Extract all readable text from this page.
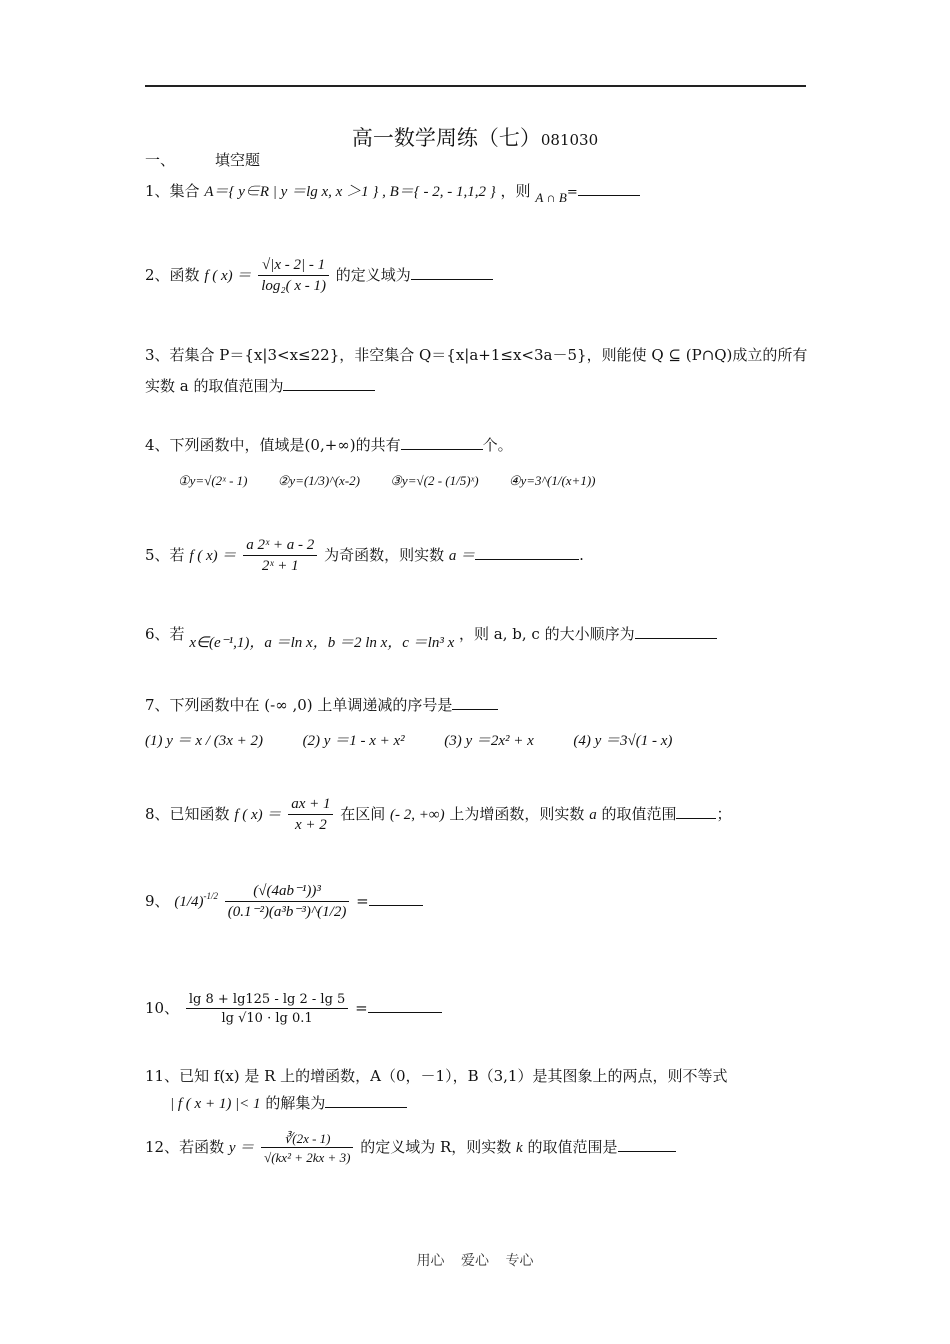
高一数学周练（七）081030
一、	填空题
1、集合 A＝{ y∈R | y ＝lg x, x ＞1 } , B＝{ - 2, - 1,1,2 } ，则 A ∩ B=
2、函数 f ( $x) = \frac{√|x - 2| - 1}{\text{log₂( x - 1)}}$ 的定义域为
3、若集合 P＝{x|3<x≤22}，非空集合 Q＝{x|a+1≤x<3a－5}，则能使 Q ⊆ (P∩Q)成立的所有
实数 a 的取值范围为
4、下列函数中，值域是(0,+∞)的共有	个。
①y=√(2ˣ - 1) ②y=(1/3)^(x-2) ③y=√(2 - (1/5)ˣ) ④y=3^(1/(x+1))
5、若 f ( $x) = \frac{\text{a 2ˣ + a - 2}}{\text{2ˣ + 1}}$ 为奇函数，则实数 a ＝	.
6、若 x∈(e⁻¹,1)，a ＝ln x，b ＝2 ln x，c ＝ln³ x ，则 a, b, c 的大小顺序为
7、下列函数中在 (-∞ ,0) 上单调递减的序号是
(1) y ＝ x / (3x + 2)	(2) y ＝1 - x + x²	(3) y ＝2x² + x	(4) y ＝3√(1 - x)
8、已知函数 f ( $x) = \frac{ax + 1}{x + 2}$ 在区间 (- 2, +∞) 上为增函数，则实数 a 的取值范围	；
9、 $(1/4)^{-1/2} \frac{\text{(√(4ab⁻¹))³}}{\text{(0.1⁻²)(a³b⁻³)\textasciicircum{}(1/2)}}$ =
10、 $\frac{\lg 8 + \lg 125 - \lg 2 - \lg 5}{\lg √10 \cdot \lg 0.1}$ =
11、已知 f(x) 是 R 上的增函数，A（0，－1），B（3,1）是其图象上的两点，则不等式
| f ( x + 1) |< 1 的解集为
12、若函数 $y = \frac{∛(2x - 1)}{\text{√(kx² + 2kx + 3)}}$ 的定义域为 R，则实数 k 的取值范围是
用心 爱心 专心
